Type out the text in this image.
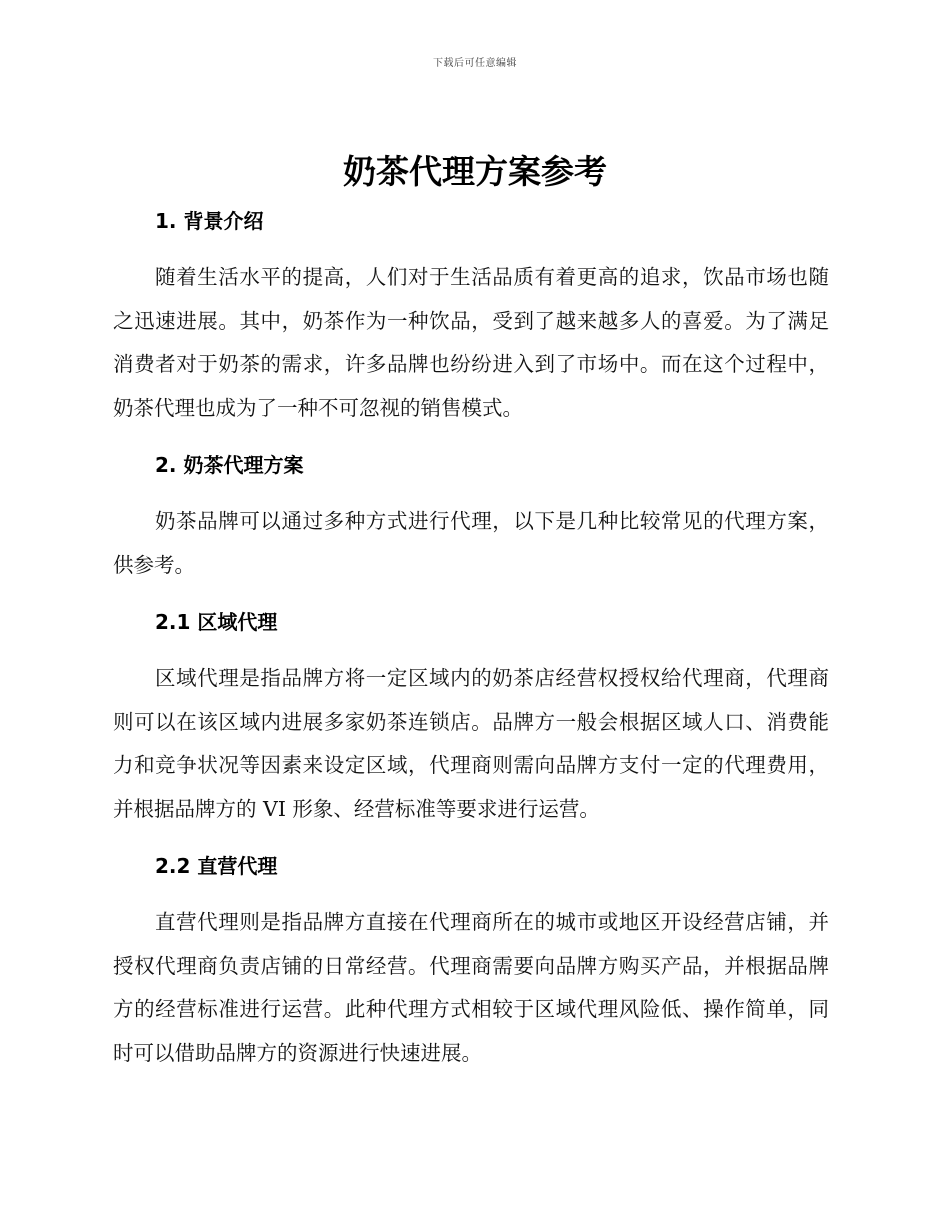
下载后可任意编辑
奶茶代理方案参考
1. 背景介绍

随着生活水平的提高，人们对于生活品质有着更高的追求，饮品市场也随之迅速进展。其中，奶茶作为一种饮品，受到了越来越多人的喜爱。为了满足消费者对于奶茶的需求，许多品牌也纷纷进入到了市场中。而在这个过程中，奶茶代理也成为了一种不可忽视的销售模式。

2. 奶茶代理方案

奶茶品牌可以通过多种方式进行代理，以下是几种比较常见的代理方案，供参考。

2.1 区域代理

区域代理是指品牌方将一定区域内的奶茶店经营权授权给代理商，代理商则可以在该区域内进展多家奶茶连锁店。品牌方一般会根据区域人口、消费能力和竞争状况等因素来设定区域，代理商则需向品牌方支付一定的代理费用，并根据品牌方的 VI 形象、经营标准等要求进行运营。

2.2 直营代理

直营代理则是指品牌方直接在代理商所在的城市或地区开设经营店铺，并授权代理商负责店铺的日常经营。代理商需要向品牌方购买产品，并根据品牌方的经营标准进行运营。此种代理方式相较于区域代理风险低、操作简单，同时可以借助品牌方的资源进行快速进展。
